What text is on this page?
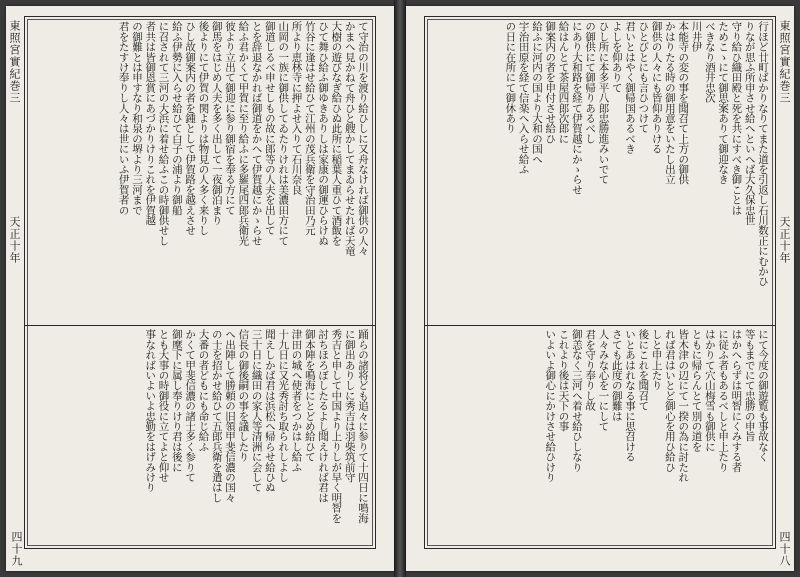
東照宮實紀巻三
天正十年
四十九
て守治の川を渡り給ひしに又舟なければ御供の人々
かまへ見かねて舟ひと艘かしてまゐらせたれば天竜
大樹の遊びなぎ給ひぬ此所に稲葉人重ひて酒飯を
ひて舞ひ給ふ御ゆきありしは家康の御運ひらけぬ
竹谷に逢はせ給ひて江州の茂兵衛を守治田乃元
所より恵林寺に押よせ入りて石川奈良
山岡の一族に御供してゐたりけれは美濃田方にて
御道しるべ申せしもの故に郎等の人夫を出して
とを辞退なかれば御道をかへて伊賀越にかゝらせ
給ふ君かくて甲賀に至り給ふに多羅尾四郎兵衛光
彼より立出て御迎に参り御宿を奉る方にて
御馬をはじめ人夫を多く出して一夜御泊まり
後よりにて伊賀の関よりは物見の人多く来りし
ひし故御案内の者を鍾として伊賀路を越えさせ
給ふ伊勢に入らせ給ひて白子の浦より御船
に召されて三河の大浜に着せ給ふこの時御供せし
者共は皆御恩賞にあづかりけりこれを伊賀越
の御難とは申すなり和泉の堺より三河まで
君をたすけ奉りし人々は世にいふ伊賀者の
踊らの諸将ども追々に参りて十四日に鳴海
に御出ありしに秀吉は羽柴筑前守
秀吉と申して中国より上りしが早く明智を
討ちほろぼしたるよし聞えければ君は
御本陣を鳴海にとどめ給ひて
津田の城へ使者をつかはし給ふ
十九日に又光秀討ち取られしよし
聞えしかば君は浜松へ帰らせ給ひぬ
三十日に織田の家人等清洲に会して
信長の御後嗣の事を議したり
へ出陣して勝頼の旧領甲斐信濃の国々
の士を招かせ給ひて五郎兵衛を遣はし
大番の者どもにも命じ給ふ
かくて甲斐信濃の諸士多く参りて
御麾下に属し奉りけり君は後に
とも大事の時御役に立てよと仰せ
事なればいよいよ忠勤をはげみけり
東照宮實紀巻三
天正十年
四十八
行ほど廿町ばかりなりてまた道を引返し石川数正にむかひ
りなが思ふ所申させ給へといへば大久保忠世
守り給ひ織田殿と死を共にすべき御ことは
ためこゝにて御思案ありて御迎なき
べきなり酒井忠次
川井伊
本能寺の変の事を聞召て上方の御供
かはりたる時の御用意をいたし出立
御供の人々にも皆仰ありける
ひとびとにも言ひつけて
君いとはやく御帰国あるべき
よしを仰ありて
ひし所に本多平八郎忠勝進みいでて
の御供にて御帰りあるべし
にあり大和路を経て伊賀越にかゝらせ
給はんとて茶屋四郎次郎に
御案内の者を申付させ給ひ
給ふに河内の国より大和の国へ
宇治田原を経て信楽へ入らせ給ふ
の日に在所にて御休あり
にて今度の御遊覧も事故なく
等もまでにて忠勝の申旨
はかへらずは明智にくみする者
に従ふ者もあるべしと申上たり
はかりて穴山梅雪も御供に
ともに帰らんとて別の道を
皆木津の辺にて一揆の為に討たれ
れば君はいとど御心を用ひ給ひ
しと申上たり
後にこれを聞召て
いとあはれなる事に思召ける
さても此度の御難は
人々みな心を一にして
君を守り奉りし故
御恙なく三河へ着せ給ひしなり
これより後は天下の事
いよいよ御心にかけさせ給ひけり
